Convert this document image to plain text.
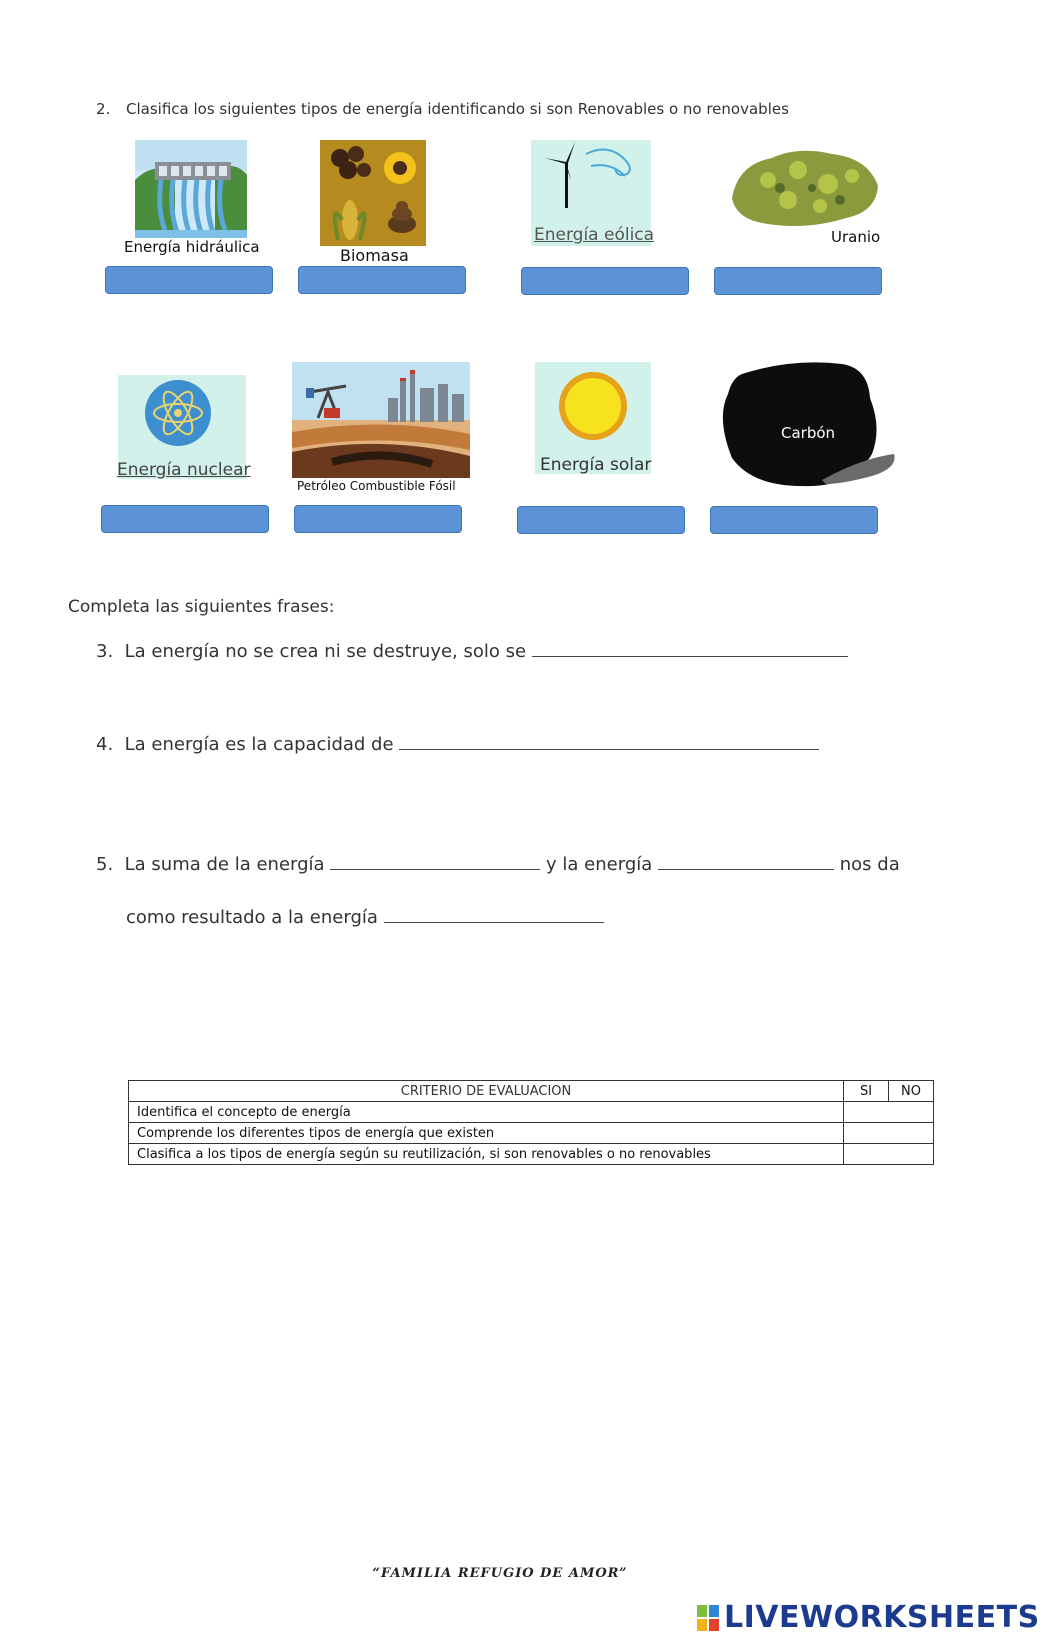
2. Clasifica los siguientes tipos de energía identificando si son Renovables o no renovables
Energía hidráulica	Biomasa
Energía eólica	Uranio
Energía nuclear
Petróleo Combustible Fósil
Energía solar
Carbón
Completa las siguientes frases:
3. La energía no se crea ni se destruye, solo se
4. La energía es la capacidad de
5. La suma de la energía	y la energía	nos da
como resultado a la energía
CRITERIO DE EVALUACION	SI	NO
Identifica el concepto de energía		
Comprende los diferentes tipos de energía que existen		
Clasifica a los tipos de energía según su reutilización, si son renovables o no renovables		
“FAMILIA REFUGIO DE AMOR”
LIVEWORKSHEETS
